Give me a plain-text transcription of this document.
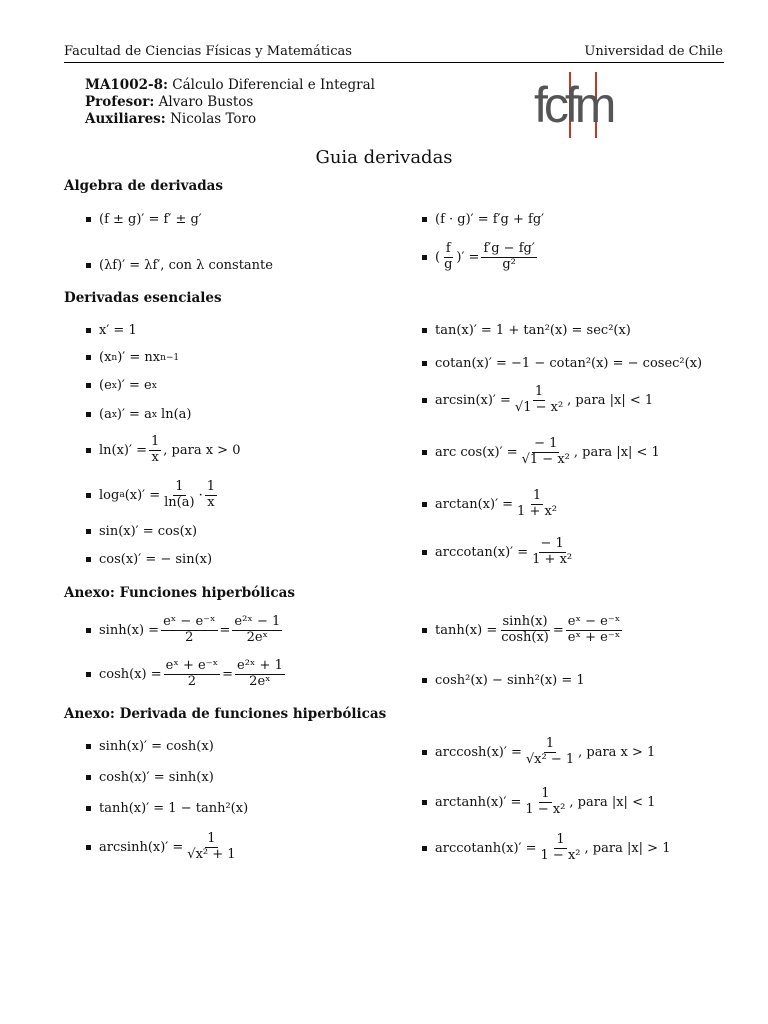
Facultad de Ciencias Físicas y Matemáticas	Universidad de Chile
MA1002-8: Cálculo Diferencial e Integral
Profesor: Alvaro Bustos
Auxiliares: Nicolas Toro	fcfm
Guia derivadas
Algebra de derivadas
(f ± g)′ = f′ ± g′
(λf)′ = λf′, con λ constante
(f · g)′ = f′g + fg′
(
f
g )′ = $\frac{f'g - fg'}{\text{g²}}$
Derivadas esenciales
x′ = 1
(x n )′ = nx n−1
(e x )′ = e x
(a x )′ = a x ln(a)
$\ln(x)' = \frac{1}{x}$ , para x > 0
log a $(x)' = \frac{1}{\ln(a)}$ ·
1
x
sin(x)′ = cos(x)
cos(x)′ = − sin(x)
tan(x)′ = 1 + tan²(x) = sec²(x)
cotan(x)′ = −1 − cotan²(x) = − cosec²(x)
$\arcsin(x)' = \frac{1}{\text{√1 − x²}}$ , para |x| < 1
arc $\cos(x)' = \frac{- 1}{\text{√1 − x²}}$ , para |x| < 1
$\arctan(x)' = \frac{1}{\text{1 + x²}}$
arccotan(x)′ = $\frac{- 1}{\text{1 + x²}}$
Anexo: Funciones hiperbólicas
$\sinh(x) = \frac{\text{eˣ − e⁻ˣ}}{2} = \frac{\text{e²ˣ − 1}}{\text{2eˣ}}$
$\cosh(x) = \frac{\text{eˣ + e⁻ˣ}}{2} = \frac{\text{e²ˣ + 1}}{\text{2eˣ}}$
$\tanh(x) = \frac{\sinh(x)}{\cosh(x)} = \frac{\text{eˣ − e⁻ˣ}}{\text{eˣ + e⁻ˣ}}$
cosh²(x) − sinh²(x) = 1
Anexo: Derivada de funciones hiperbólicas
sinh(x)′ = cosh(x)
cosh(x)′ = sinh(x)
tanh(x)′ = 1 − tanh²(x)
$\arcsin h(x)' = \frac{1}{\text{√x² + 1}}$
$\arccos h(x)' = \frac{1}{\text{√x² − 1}}$ , para x > 1
$\arctan h(x)' = \frac{1}{\text{1 − x²}}$ , para |x| < 1
arccotanh(x)′ = $\frac{1}{\text{1 − x²}}$ , para |x| > 1
